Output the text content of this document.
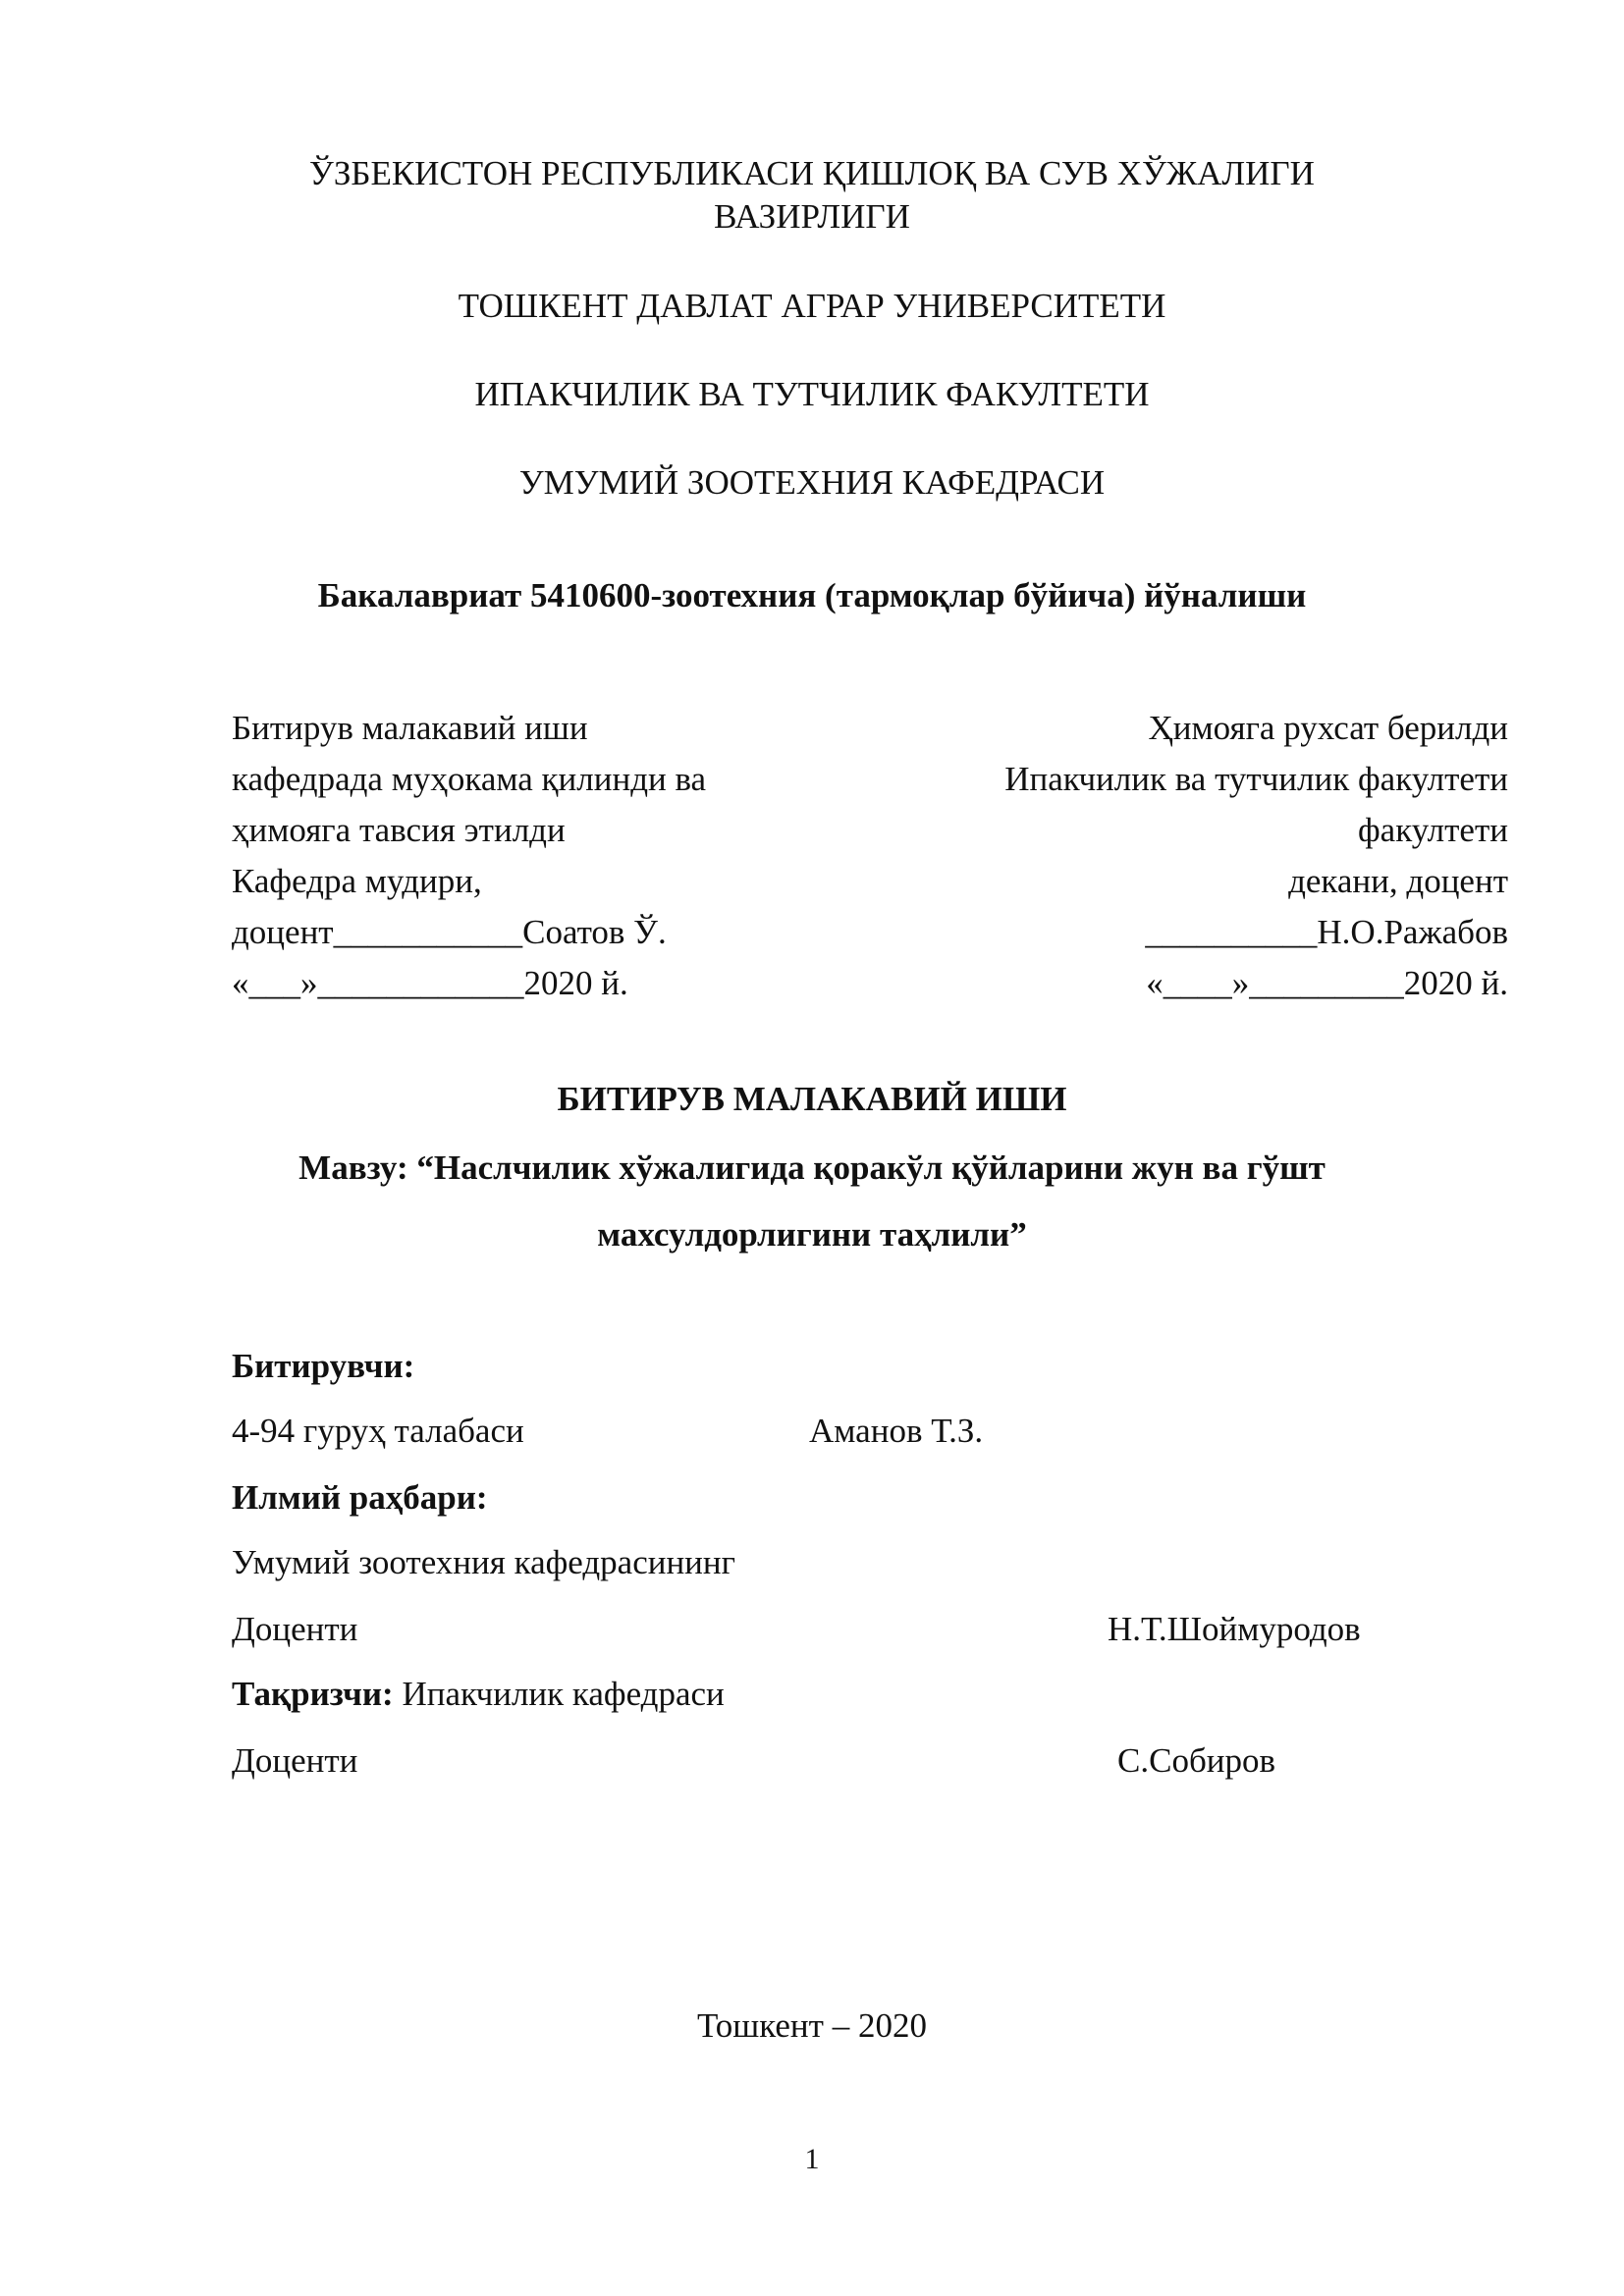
ЎЗБЕКИСТОН РЕСПУБЛИКАСИ ҚИШЛОҚ ВА СУВ ХЎЖАЛИГИ
ВАЗИРЛИГИ
ТОШКЕНТ ДАВЛАТ АГРАР УНИВЕРСИТЕТИ
ИПАКЧИЛИК ВА ТУТЧИЛИК ФАКУЛТЕТИ
УМУМИЙ ЗООТЕХНИЯ КАФЕДРАСИ
Бакалавриат 5410600-зоотехния (тармоқлар бўйича) йўналиши
Битирув малакавий иши
кафедрада муҳокама қилинди ва
ҳимояга тавсия этилди
Кафедра мудири,
доцент___________Соатов Ў.
«___»____________2020 й.
Ҳимояга рухсат берилди
Ипакчилик ва тутчилик факултети
факултети
декани, доцент
__________Н.О.Ражабов
«____»_________2020 й.
БИТИРУВ МАЛАКАВИЙ ИШИ
Мавзу: “Наслчилик хўжалигида қоракўл қўйларини жун ва гўшт
махсулдорлигини таҳлили”
Битирувчи:
4-94 гуруҳ талабаси	Аманов Т.З.
Илмий раҳбари:
Умумий зоотехния кафедрасининг
Доценти	Н.Т.Шоймуродов
Тақризчи: Ипакчилик кафедраси
Доценти	С.Собиров
Тошкент – 2020
1
